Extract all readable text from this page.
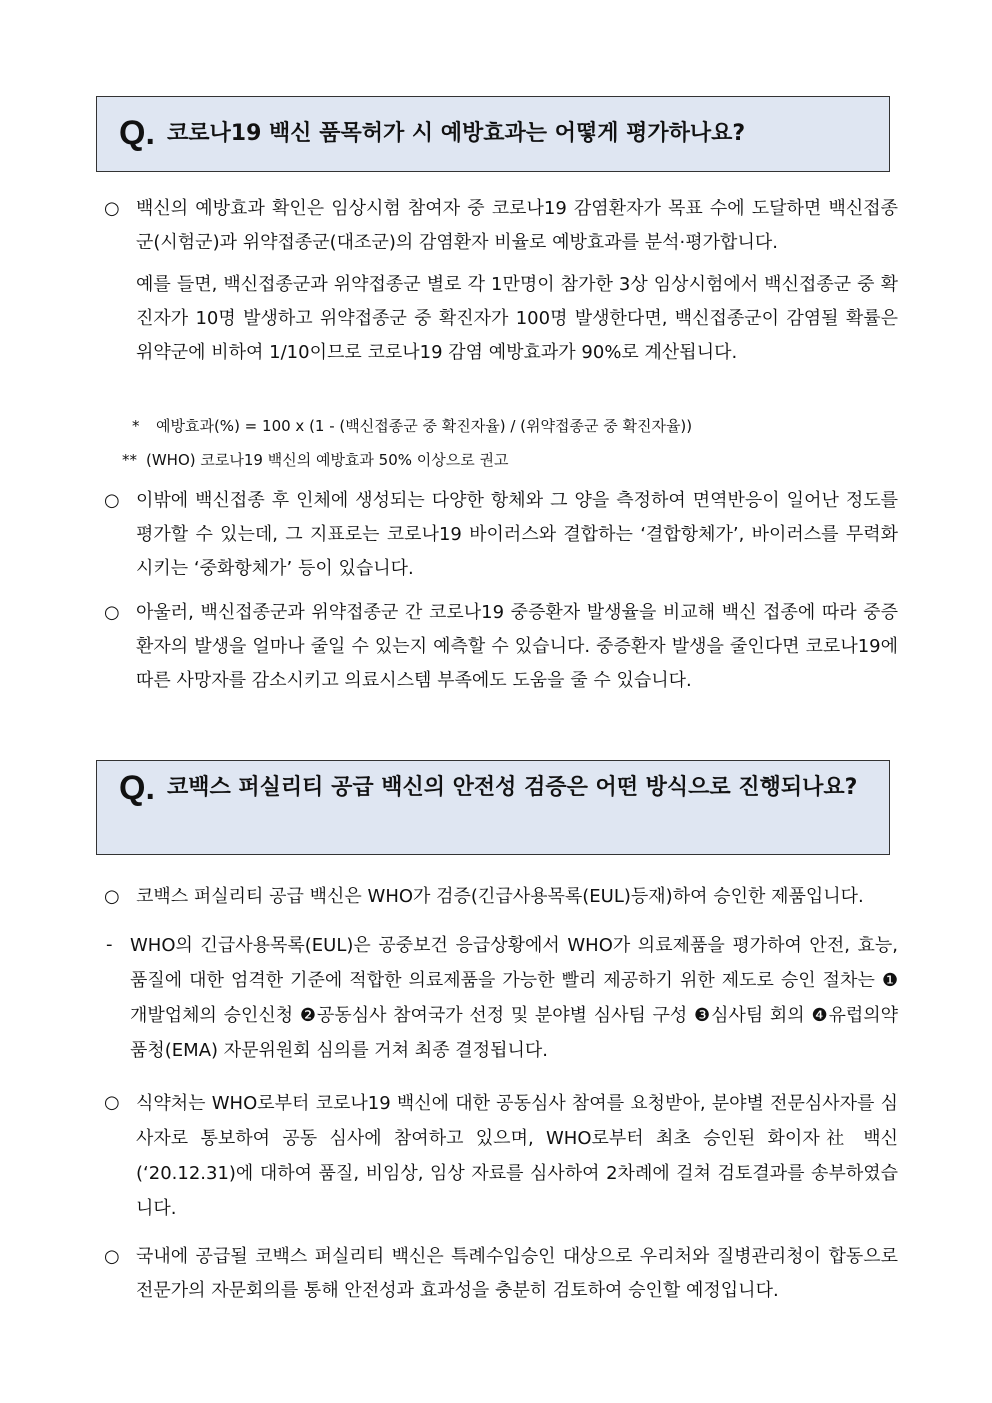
Q. 코로나19 백신 품목허가 시 예방효과는 어떻게 평가하나요?
○ 백신의 예방효과 확인은 임상시험 참여자 중 코로나19 감염환자가 목표 수에 도달하면 백신접종군(시험군)과 위약접종군(대조군)의 감염환자 비율로 예방효과를 분석·평가합니다.
예를 들면, 백신접종군과 위약접종군 별로 각 1만명이 참가한 3상 임상시험에서 백신접종군 중 확진자가 10명 발생하고 위약접종군 중 확진자가 100명 발생한다면, 백신접종군이 감염될 확률은 위약군에 비하여 1/10이므로 코로나19 감염 예방효과가 90%로 계산됩니다.
* 예방효과(%) = 100 x (1 - (백신접종군 중 확진자율) / (위약접종군 중 확진자율))
** (WHO) 코로나19 백신의 예방효과 50% 이상으로 권고
○ 이밖에 백신접종 후 인체에 생성되는 다양한 항체와 그 양을 측정하여 면역반응이 일어난 정도를 평가할 수 있는데, 그 지표로는 코로나19 바이러스와 결합하는 ‘결합항체가’, 바이러스를 무력화시키는 ‘중화항체가’ 등이 있습니다.
○ 아울러, 백신접종군과 위약접종군 간 코로나19 중증환자 발생율을 비교해 백신 접종에 따라 중증환자의 발생을 얼마나 줄일 수 있는지 예측할 수 있습니다. 중증환자 발생을 줄인다면 코로나19에 따른 사망자를 감소시키고 의료시스템 부족에도 도움을 줄 수 있습니다.
Q. 코백스 퍼실리티 공급 백신의 안전성 검증은 어떤 방식으로 진행되나요?
○ 코백스 퍼실리티 공급 백신은 WHO가 검증(긴급사용목록(EUL)등재)하여 승인한 제품입니다.
- WHO의 긴급사용목록(EUL)은 공중보건 응급상황에서 WHO가 의료제품을 평가하여 안전, 효능, 품질에 대한 엄격한 기준에 적합한 의료제품을 가능한 빨리 제공하기 위한 제도로 승인 절차는 ❶개발업체의 승인신청 ❷공동심사 참여국가 선정 및 분야별 심사팀 구성 ❸심사팀 회의 ❹유럽의약품청(EMA) 자문위원회 심의를 거쳐 최종 결정됩니다.
○ 식약처는 WHO로부터 코로나19 백신에 대한 공동심사 참여를 요청받아, 분야별 전문심사자를 심사자로 통보하여 공동 심사에 참여하고 있으며, WHO로부터 최초 승인된 화이자社 백신(‘20.12.31)에 대하여 품질, 비임상, 임상 자료를 심사하여 2차례에 걸쳐 검토결과를 송부하였습니다.
○ 국내에 공급될 코백스 퍼실리티 백신은 특례수입승인 대상으로 우리처와 질병관리청이 합동으로 전문가의 자문회의를 통해 안전성과 효과성을 충분히 검토하여 승인할 예정입니다.
